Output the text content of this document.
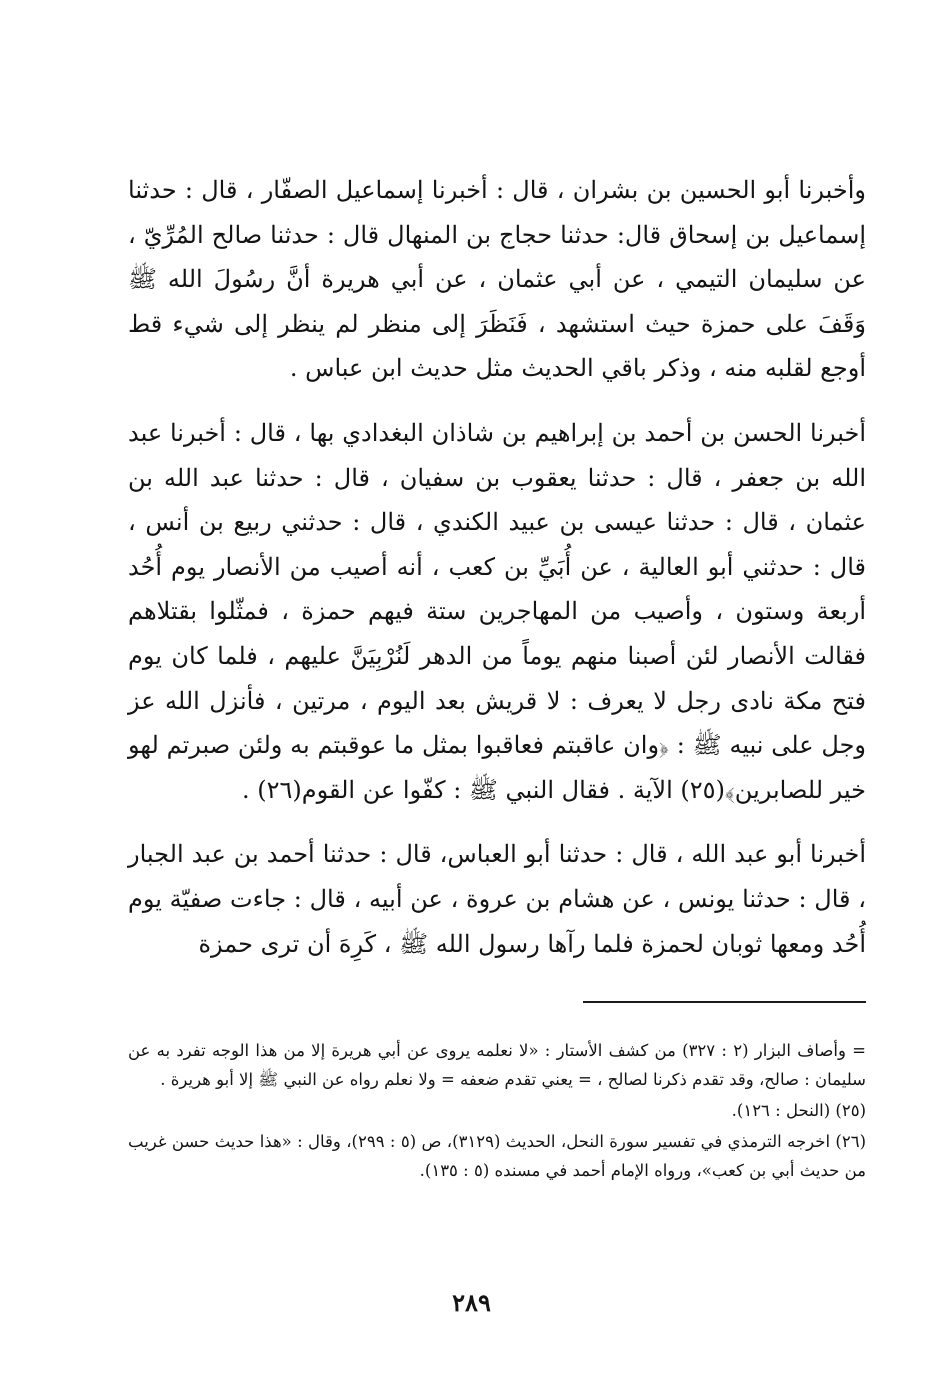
وأخبرنا أبو الحسين بن بشران ، قال : أخبرنا إسماعيل الصفّار ، قال : حدثنا إسماعيل بن إسحاق قال: حدثنا حجاج بن المنهال قال : حدثنا صالح المُرِّيّ ، عن سليمان التيمي ، عن أبي عثمان ، عن أبي هريرة أنَّ رسُولَ الله ﷺ وَقَفَ على حمزة حيث استشهد ، فَنَظَرَ إلى منظر لم ينظر إلى شيء قط أوجع لقلبه منه ، وذكر باقي الحديث مثل حديث ابن عباس .

أخبرنا الحسن بن أحمد بن إبراهيم بن شاذان البغدادي بها ، قال : أخبرنا عبد الله بن جعفر ، قال : حدثنا يعقوب بن سفيان ، قال : حدثنا عبد الله بن عثمان ، قال : حدثنا عيسى بن عبيد الكندي ، قال : حدثني ربيع بن أنس ، قال : حدثني أبو العالية ، عن أُبَيِّ بن كعب ، أنه أصيب من الأنصار يوم أُحُد أربعة وستون ، وأصيب من المهاجرين ستة فيهم حمزة ، فمثّلوا بقتلاهم فقالت الأنصار لئن أصبنا منهم يوماً من الدهر لَنُرْبِيَنَّ عليهم ، فلما كان يوم فتح مكة نادى رجل لا يعرف : لا قريش بعد اليوم ، مرتين ، فأنزل الله عز وجل على نبيه ﷺ : ﴿وان عاقبتم فعاقبوا بمثل ما عوقبتم به ولئن صبرتم لهو خير للصابرين﴾(٢٥) الآية . فقال النبي ﷺ : كفّوا عن القوم(٢٦) .

أخبرنا أبو عبد الله ، قال : حدثنا أبو العباس، قال : حدثنا أحمد بن عبد الجبار ، قال : حدثنا يونس ، عن هشام بن عروة ، عن أبيه ، قال : جاءت صفيّة يوم أُحُد ومعها ثوبان لحمزة فلما رآها رسول الله ﷺ ، كَرِهَ أن ترى حمزة

= وأصاف البزار (٢ : ٣٢٧) من كشف الأستار : «لا نعلمه يروى عن أبي هريرة إلا من هذا الوجه تفرد به عن سليمان : صالح، وقد تقدم ذكرنا لصالح ، = يعني تقدم ضعفه = ولا نعلم رواه عن النبي ﷺ إلا أبو هريرة .

(٢٥) (النحل : ١٢٦).

(٢٦) اخرجه الترمذي في تفسير سورة النحل، الحديث (٣١٢٩)، ص (٥ : ٢٩٩)، وقال : «هذا حديث حسن غريب من حديث أبي بن كعب»، ورواه الإمام أحمد في مسنده (٥ : ١٣٥).

٢٨٩
